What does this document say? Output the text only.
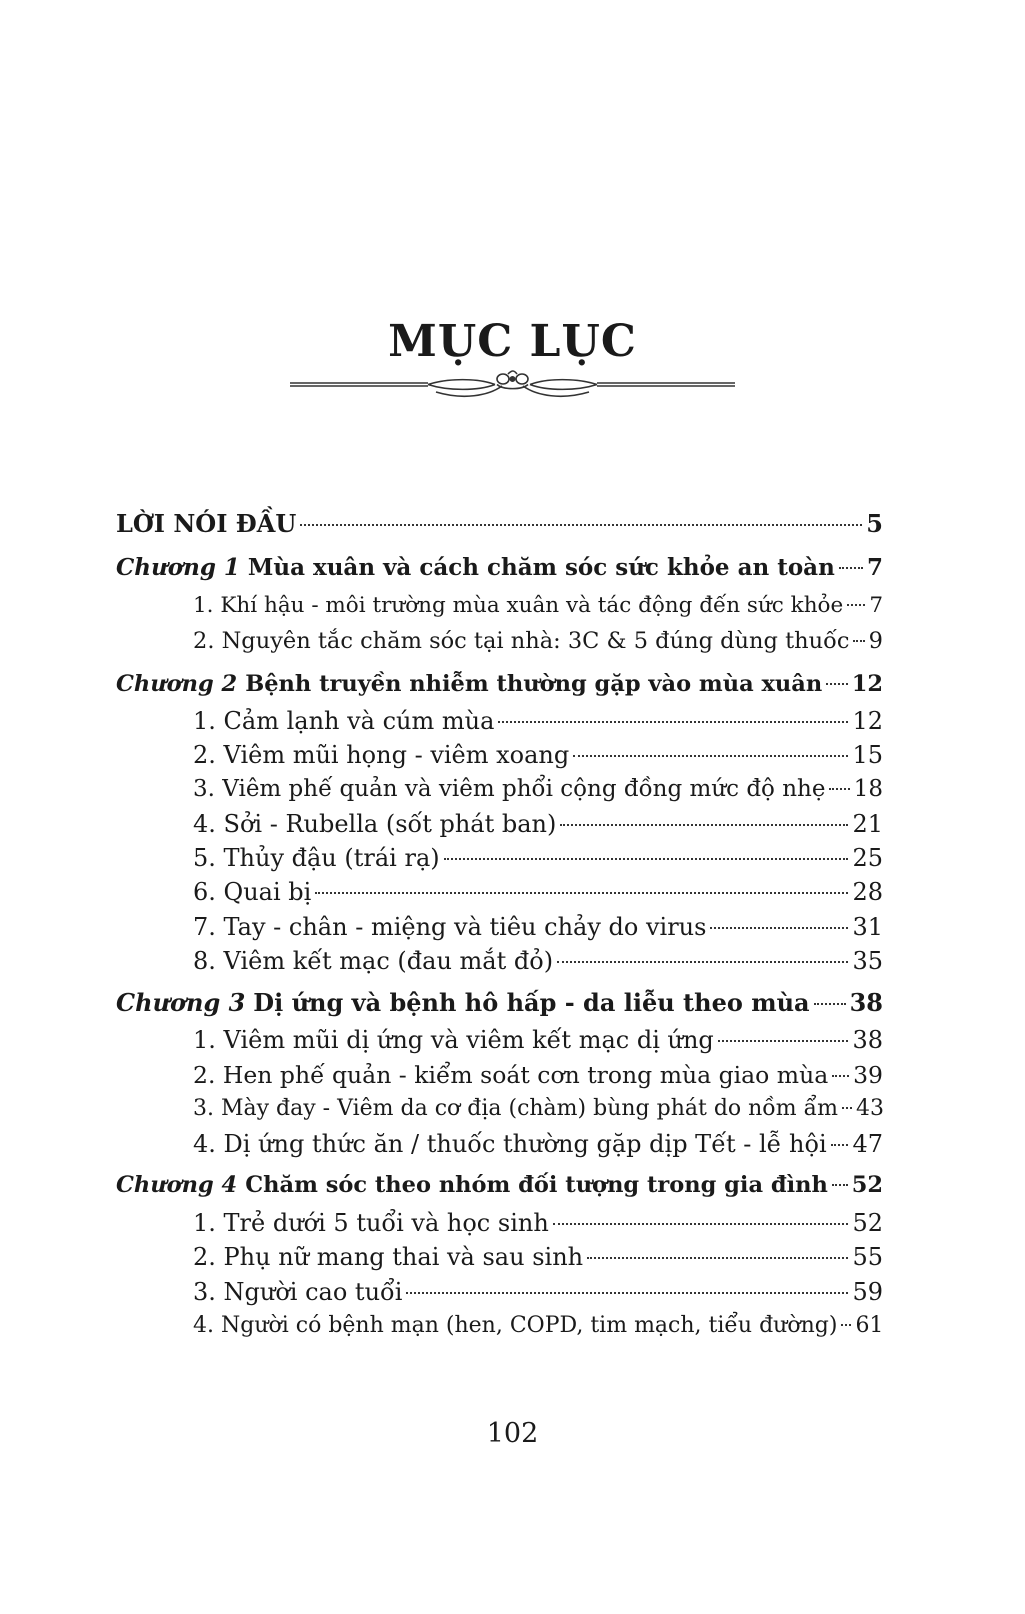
MỤC LỤC
LỜI NÓI ĐẦU	5
Chương 1 Mùa xuân và cách chăm sóc sức khỏe an toàn 7
1. Khí hậu - môi trường mùa xuân và tác động đến sức khỏe 7
2. Nguyên tắc chăm sóc tại nhà: 3C & 5 đúng dùng thuốc 9
Chương 2 Bệnh truyền nhiễm thường gặp vào mùa xuân 12
1. Cảm lạnh và cúm mùa	12
2. Viêm mũi họng - viêm xoang	15
3. Viêm phế quản và viêm phổi cộng đồng mức độ nhẹ 18
4. Sởi - Rubella (sốt phát ban)	21
5. Thủy đậu (trái rạ)	25
6. Quai bị	28
7. Tay - chân - miệng và tiêu chảy do virus	31
8. Viêm kết mạc (đau mắt đỏ)	35
Chương 3 Dị ứng và bệnh hô hấp - da liễu theo mùa 38
1. Viêm mũi dị ứng và viêm kết mạc dị ứng	38
2. Hen phế quản - kiểm soát cơn trong mùa giao mùa 39
3. Mày đay - Viêm da cơ địa (chàm) bùng phát do nồm ẩm 43
4. Dị ứng thức ăn / thuốc thường gặp dịp Tết - lễ hội 47
Chương 4 Chăm sóc theo nhóm đối tượng trong gia đình 52
1. Trẻ dưới 5 tuổi và học sinh	52
2. Phụ nữ mang thai và sau sinh	55
3. Người cao tuổi	59
4. Người có bệnh mạn (hen, COPD, tim mạch, tiểu đường) 61
102
